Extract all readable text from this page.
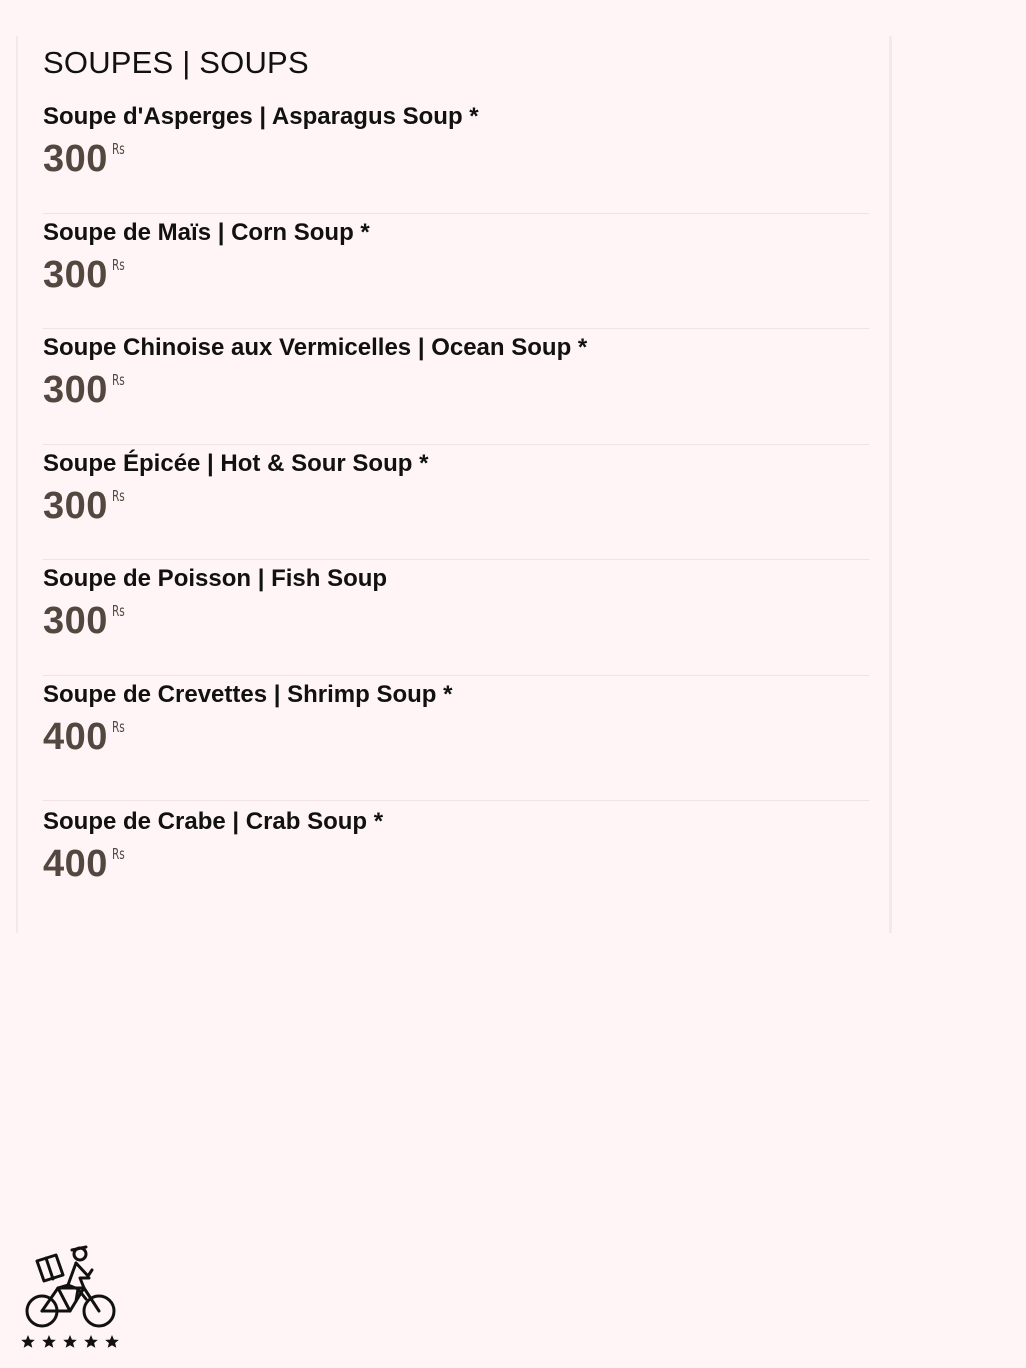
SOUPES | SOUPS
Soupe d'Asperges | Asparagus Soup *
300 Rs
Soupe de Maïs | Corn Soup *
300 Rs
Soupe Chinoise aux Vermicelles | Ocean Soup *
300 Rs
Soupe Épicée | Hot & Sour Soup *
300 Rs
Soupe de Poisson | Fish Soup
300 Rs
Soupe de Crevettes | Shrimp Soup *
400 Rs
Soupe de Crabe | Crab Soup *
400 Rs
